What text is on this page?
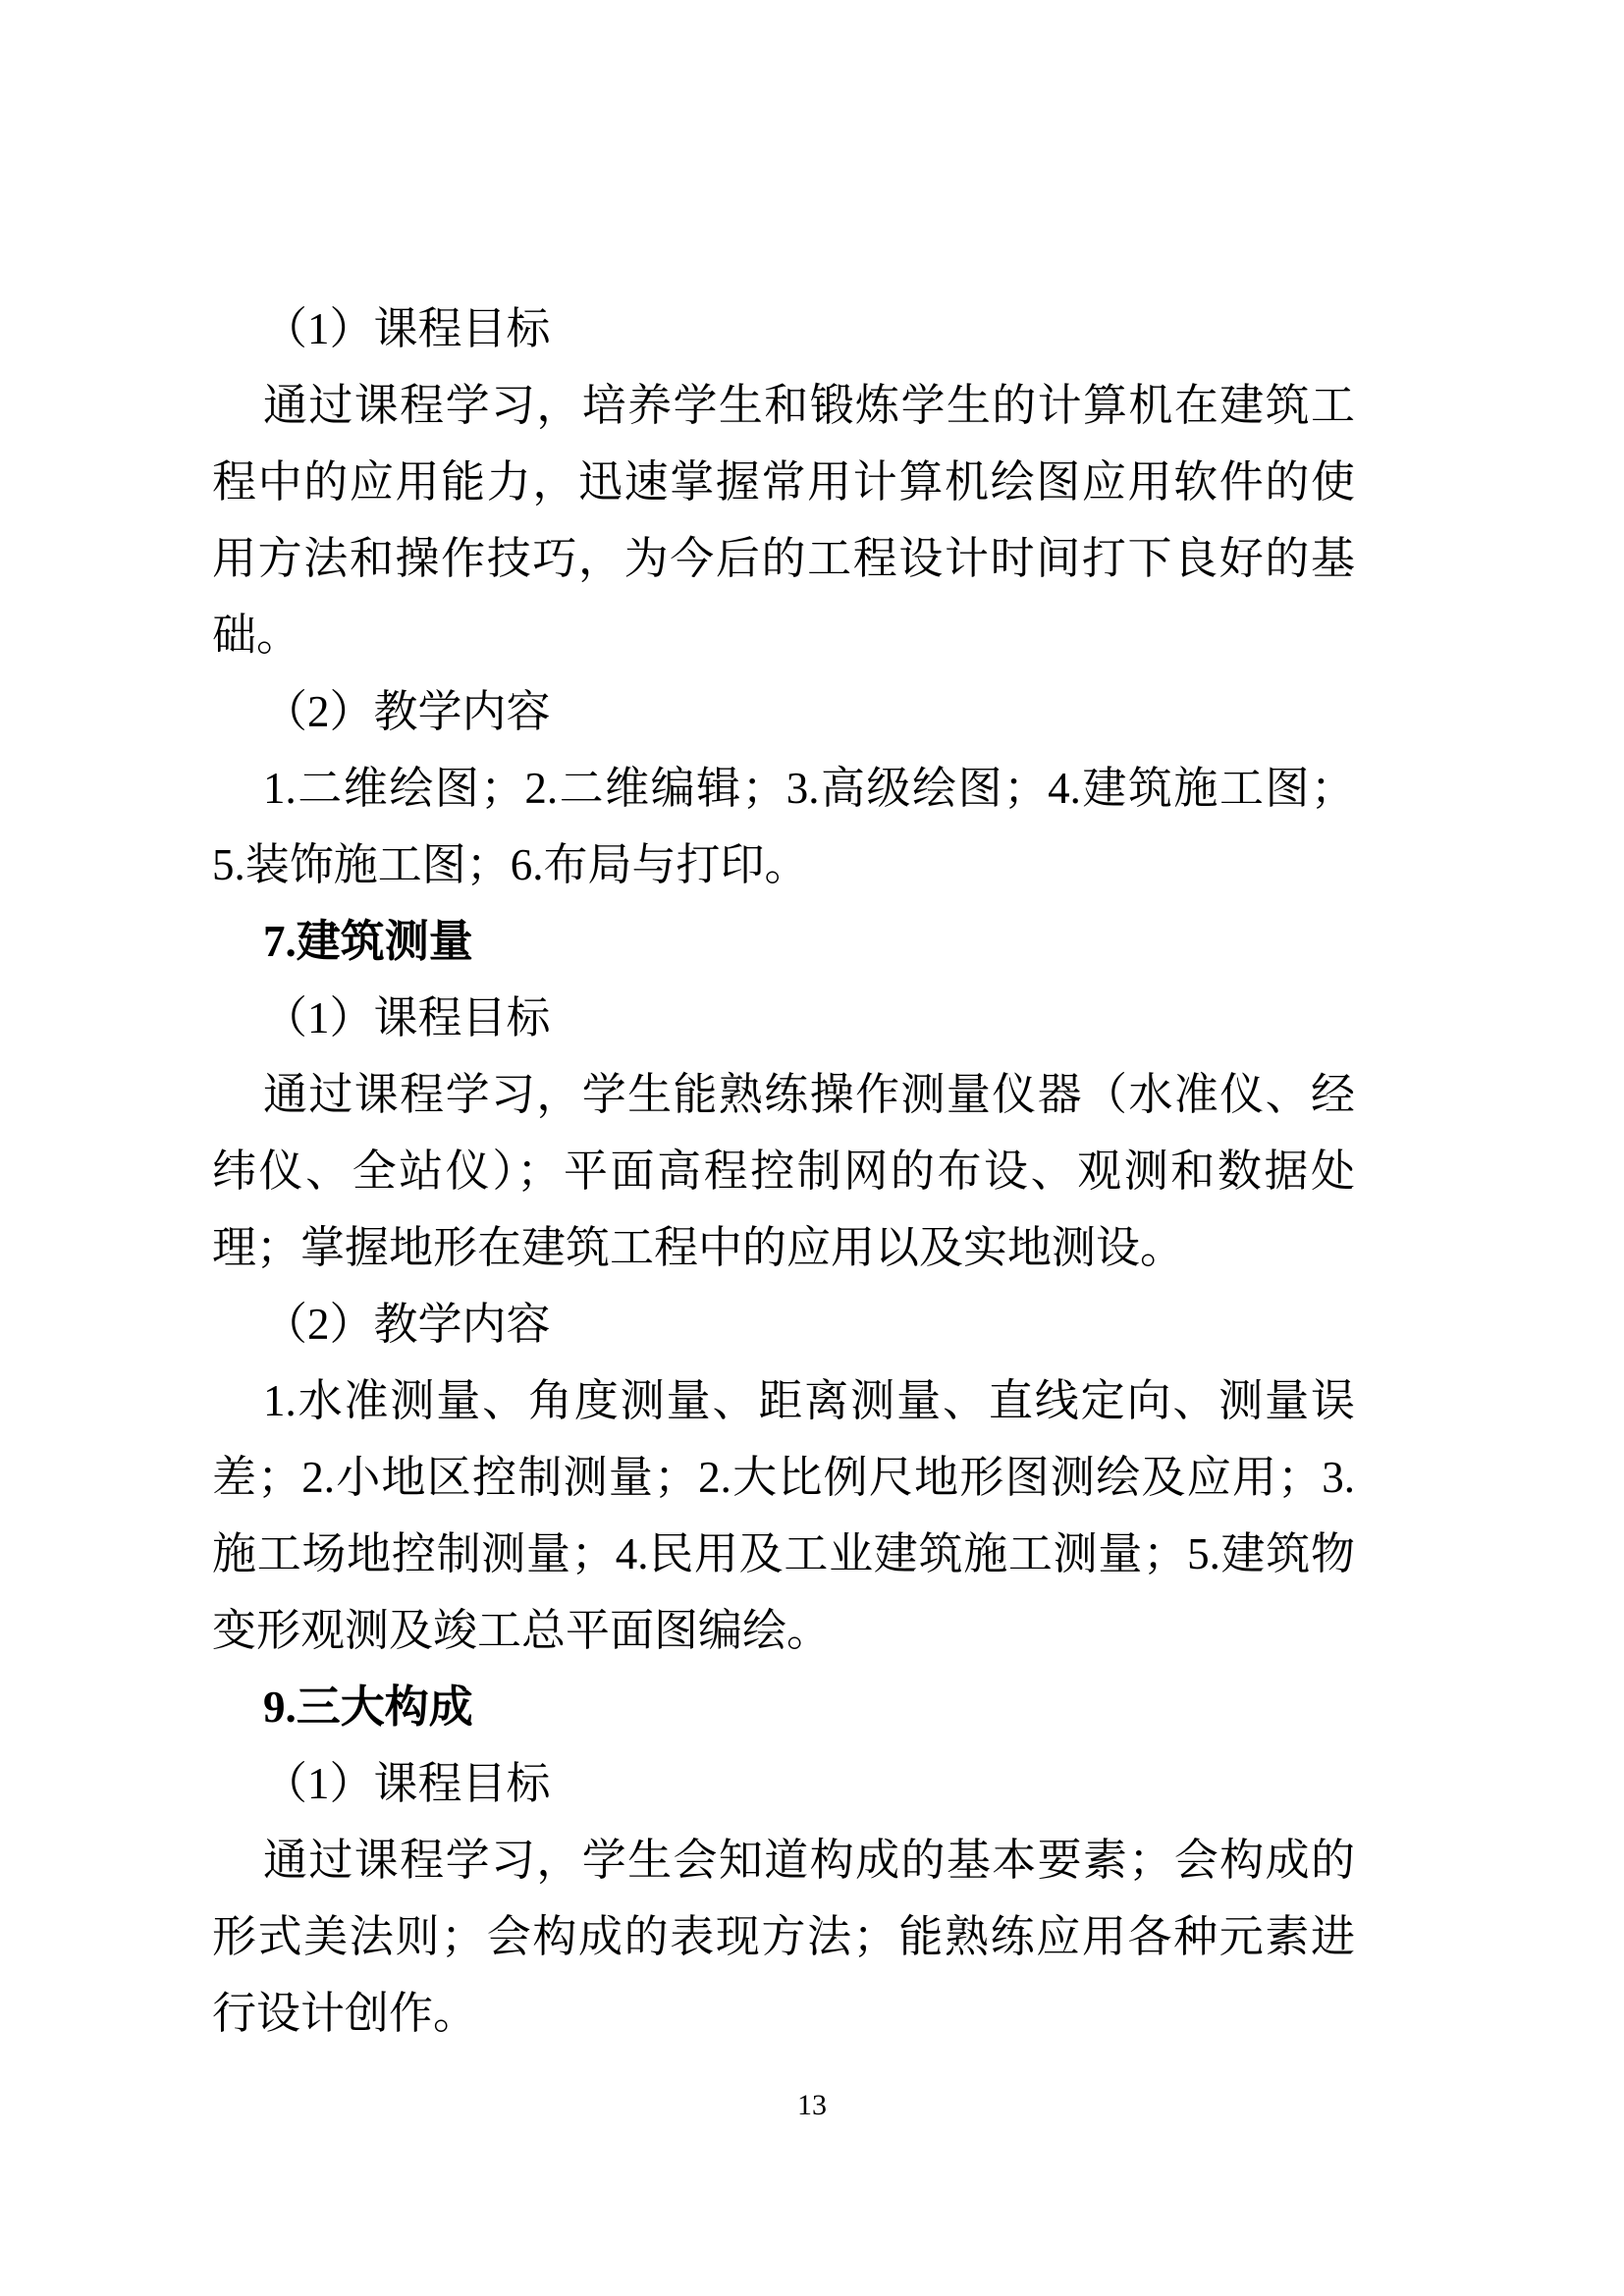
（1）课程目标

通过课程学习，培养学生和锻炼学生的计算机在建筑工程中的应用能力，迅速掌握常用计算机绘图应用软件的使用方法和操作技巧，为今后的工程设计时间打下良好的基础。

（2）教学内容

1.二维绘图；2.二维编辑；3.高级绘图；4.建筑施工图；5.装饰施工图；6.布局与打印。

7.建筑测量

（1）课程目标

通过课程学习，学生能熟练操作测量仪器（水准仪、经纬仪、全站仪）；平面高程控制网的布设、观测和数据处理；掌握地形在建筑工程中的应用以及实地测设。

（2）教学内容

1.水准测量、角度测量、距离测量、直线定向、测量误差；2.小地区控制测量；2.大比例尺地形图测绘及应用；3.施工场地控制测量；4.民用及工业建筑施工测量；5.建筑物变形观测及竣工总平面图编绘。

9.三大构成

（1）课程目标

通过课程学习，学生会知道构成的基本要素；会构成的形式美法则；会构成的表现方法；能熟练应用各种元素进行设计创作。

13
